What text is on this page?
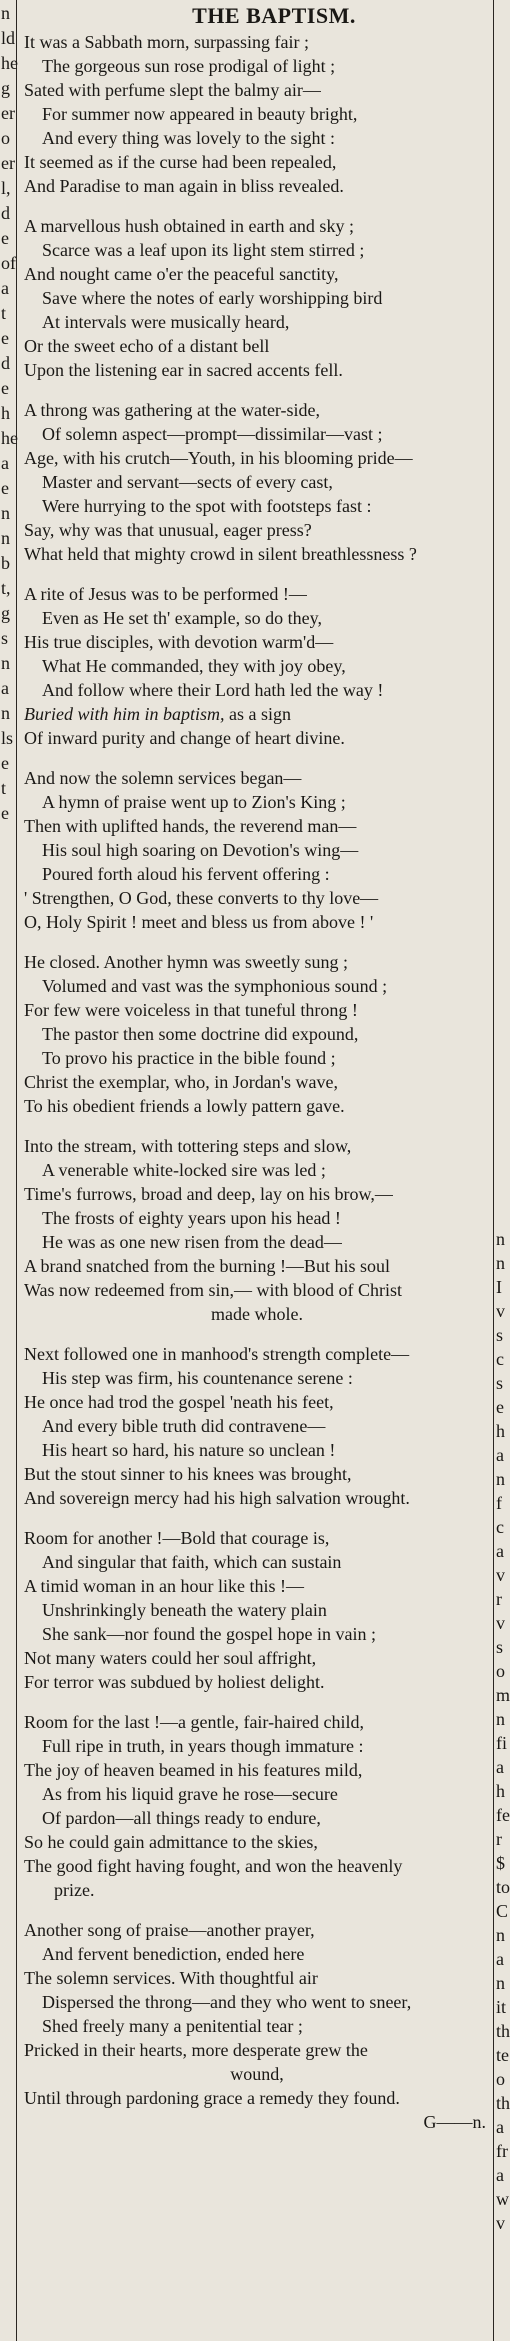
n
ld
he
g
er
o
er
l,
d
e
of
a
t
e
d
e
h
he
a
e
n
n
b
t,
g
s
n
a
n
ls
e
t
e
THE BAPTISM.
It was a Sabbath morn, surpassing fair ;
The gorgeous sun rose prodigal of light ;
Sated with perfume slept the balmy air—
For summer now appeared in beauty bright,
And every thing was lovely to the sight :
It seemed as if the curse had been repealed,
And Paradise to man again in bliss revealed.
A marvellous hush obtained in earth and sky ;
Scarce was a leaf upon its light stem stirred ;
And nought came o'er the peaceful sanctity,
Save where the notes of early worshipping bird
At intervals were musically heard,
Or the sweet echo of a distant bell
Upon the listening ear in sacred accents fell.
A throng was gathering at the water-side,
Of solemn aspect—prompt—dissimilar—vast ;
Age, with his crutch—Youth, in his blooming pride—
Master and servant—sects of every cast,
Were hurrying to the spot with footsteps fast :
Say, why was that unusual, eager press?
What held that mighty crowd in silent breathlessness ?
A rite of Jesus was to be performed !—
Even as He set th' example, so do they,
His true disciples, with devotion warm'd—
What He commanded, they with joy obey,
And follow where their Lord hath led the way !
Buried with him in baptism, as a sign
Of inward purity and change of heart divine.
And now the solemn services began—
A hymn of praise went up to Zion's King ;
Then with uplifted hands, the reverend man—
His soul high soaring on Devotion's wing—
Poured forth aloud his fervent offering :
' Strengthen, O God, these converts to thy love—
O, Holy Spirit ! meet and bless us from above ! '
He closed. Another hymn was sweetly sung ;
Volumed and vast was the symphonious sound ;
For few were voiceless in that tuneful throng !
The pastor then some doctrine did expound,
To provo his practice in the bible found ;
Christ the exemplar, who, in Jordan's wave,
To his obedient friends a lowly pattern gave.
Into the stream, with tottering steps and slow,
A venerable white-locked sire was led ;
Time's furrows, broad and deep, lay on his brow,—
The frosts of eighty years upon his head !
He was as one new risen from the dead—
A brand snatched from the burning !—But his soul
Was now redeemed from sin,— with blood of Christ
made whole.
Next followed one in manhood's strength complete—
His step was firm, his countenance serene :
He once had trod the gospel 'neath his feet,
And every bible truth did contravene—
His heart so hard, his nature so unclean !
But the stout sinner to his knees was brought,
And sovereign mercy had his high salvation wrought.
Room for another !—Bold that courage is,
And singular that faith, which can sustain
A timid woman in an hour like this !—
Unshrinkingly beneath the watery plain
She sank—nor found the gospel hope in vain ;
Not many waters could her soul affright,
For terror was subdued by holiest delight.
Room for the last !—a gentle, fair-haired child,
Full ripe in truth, in years though immature :
The joy of heaven beamed in his features mild,
As from his liquid grave he rose—secure
Of pardon—all things ready to endure,
So he could gain admittance to the skies,
The good fight having fought, and won the heavenly
prize.
Another song of praise—another prayer,
And fervent benediction, ended here
The solemn services. With thoughtful air
Dispersed the throng—and they who went to sneer,
Shed freely many a penitential tear ;
Pricked in their hearts, more desperate grew the
wound,
Until through pardoning grace a remedy they found.
G——n.
n
n
I
v
s
c
s
e
h
a
n
f
c
a
v
r
v
s
o
m
n
fi
a
h
fe
r
$
to
C
n
a
n
it
th
te
o
th
a
fr
a
w
v
